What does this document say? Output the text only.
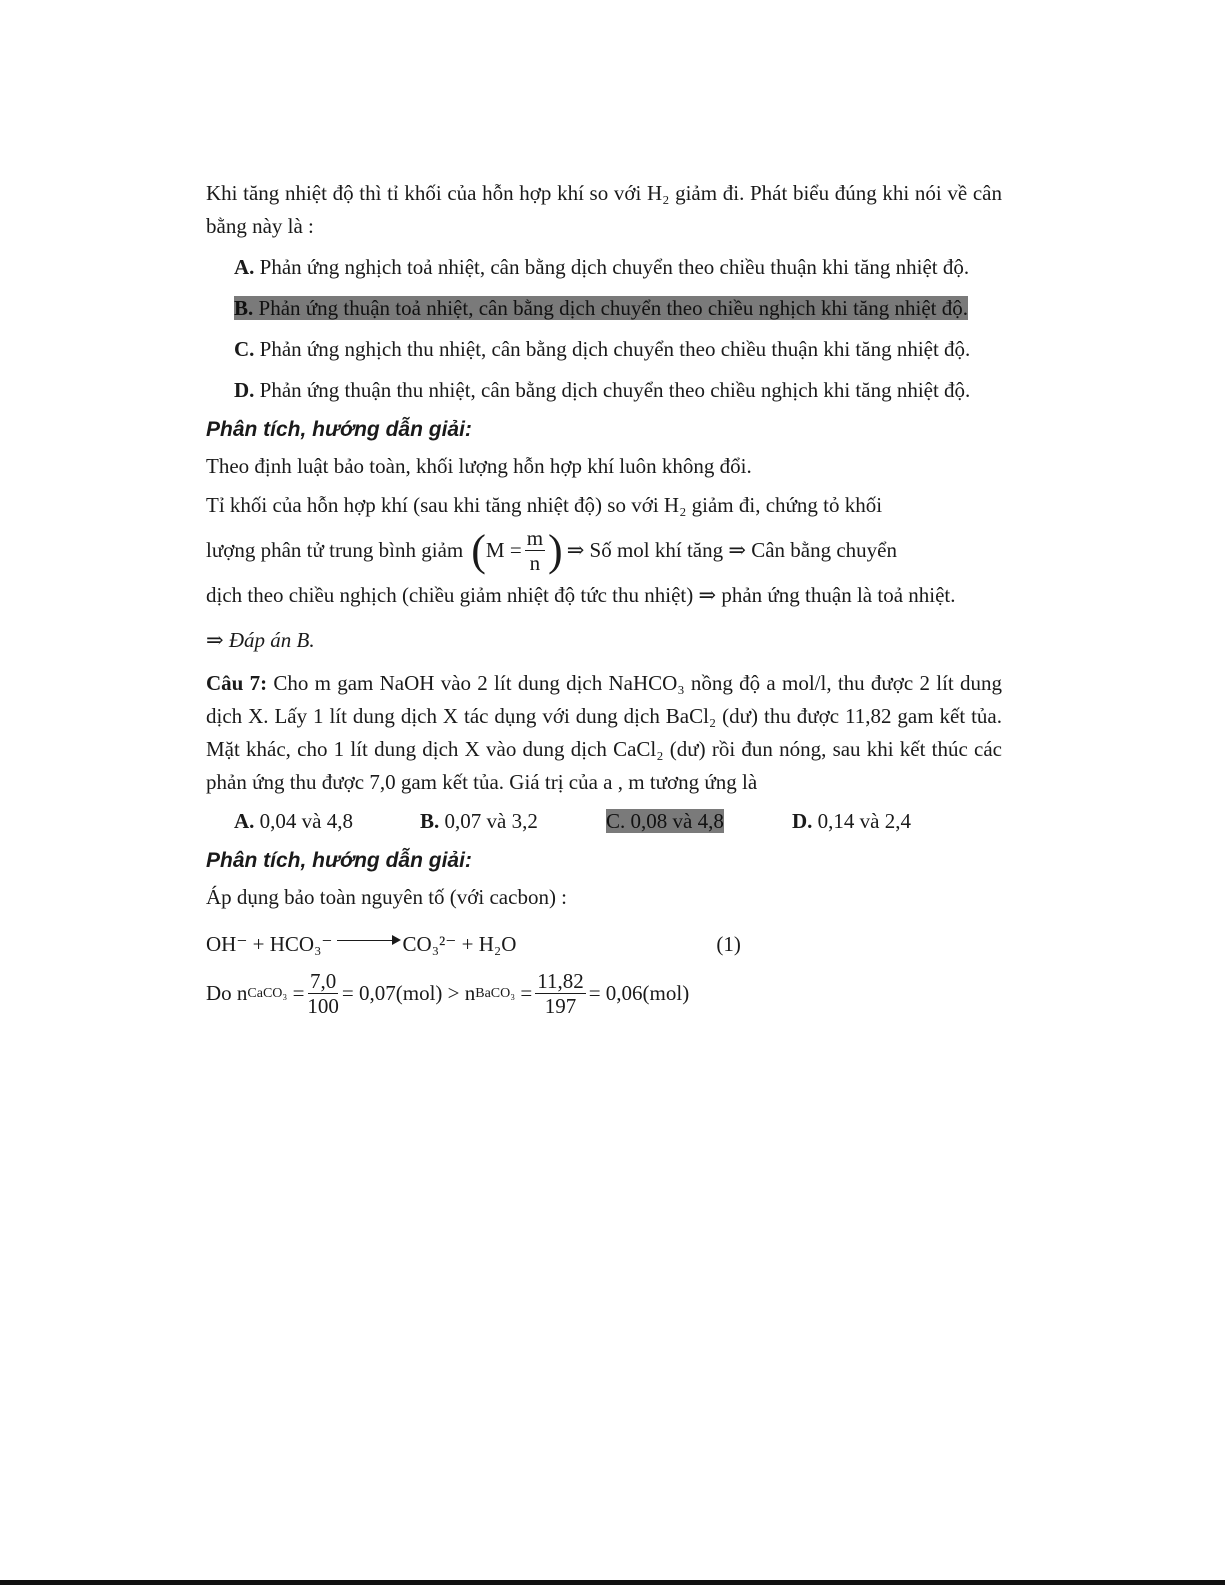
Khi tăng nhiệt độ thì tỉ khối của hỗn hợp khí so với H₂ giảm đi. Phát biểu đúng khi nói về cân bằng này là :

A. Phản ứng nghịch toả nhiệt, cân bằng dịch chuyển theo chiều thuận khi tăng nhiệt độ.

B. Phản ứng thuận toả nhiệt, cân bằng dịch chuyển theo chiều nghịch khi tăng nhiệt độ.

C. Phản ứng nghịch thu nhiệt, cân bằng dịch chuyển theo chiều thuận khi tăng nhiệt độ.

D. Phản ứng thuận thu nhiệt, cân bằng dịch chuyển theo chiều nghịch khi tăng nhiệt độ.

Phân tích, hướng dẫn giải:

Theo định luật bảo toàn, khối lượng hỗn hợp khí luôn không đổi.

Tỉ khối của hỗn hợp khí (sau khi tăng nhiệt độ) so với H₂ giảm đi, chứng tỏ khối

lượng phân tử trung bình giảm ( $M = \frac{m}{n}$ ) ⇒ Số mol khí tăng ⇒ Cân bằng chuyển

dịch theo chiều nghịch (chiều giảm nhiệt độ tức thu nhiệt) ⇒ phản ứng thuận là toả nhiệt.

⇒ Đáp án B.

Câu 7: Cho m gam NaOH vào 2 lít dung dịch NaHCO₃ nồng độ a mol/l, thu được 2 lít dung dịch X. Lấy 1 lít dung dịch X tác dụng với dung dịch BaCl₂ (dư) thu được 11,82 gam kết tủa. Mặt khác, cho 1 lít dung dịch X vào dung dịch CaCl₂ (dư) rồi đun nóng, sau khi kết thúc các phản ứng thu được 7,0 gam kết tủa. Giá trị của a , m tương ứng là

A. 0,04 và 4,8	B. 0,07 và 3,2	C. 0,08 và 4,8	D. 0,14 và 2,4
Phân tích, hướng dẫn giải:

Áp dụng bảo toàn nguyên tố (với cacbon) :

OH⁻ + HCO₃⁻	CO₃²⁻ + H₂O	(1)
Do
n CaCO₃ = $\frac{7,0}{100} = 0,07(mol)$ >
n BaCO₃ = $\frac{11,82}{197} = 0,06(mol)$
